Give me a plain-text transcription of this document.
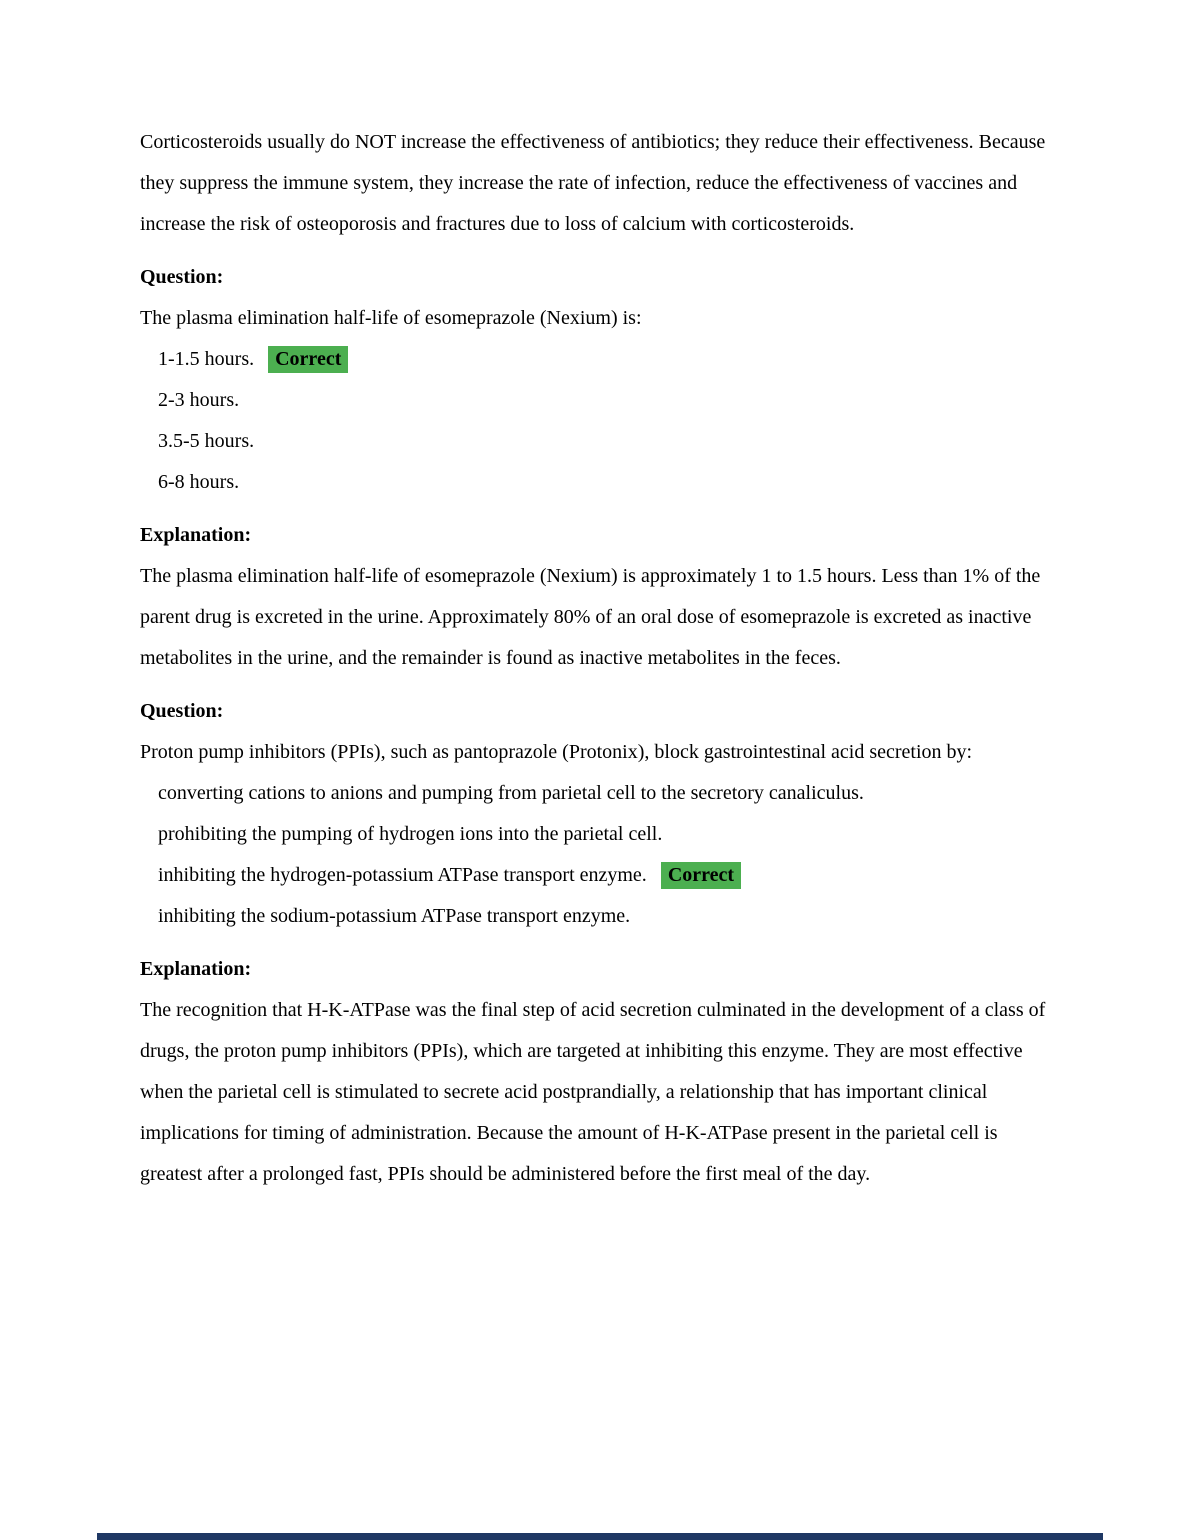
Corticosteroids usually do NOT increase the effectiveness of antibiotics; they reduce their effectiveness. Because they suppress the immune system, they increase the rate of infection, reduce the effectiveness of vaccines and increase the risk of osteoporosis and fractures due to loss of calcium with corticosteroids.

Question:

The plasma elimination half-life of esomeprazole (Nexium) is:

1-1.5 hours. Correct
2-3 hours.
3.5-5 hours.
6-8 hours.
Explanation:

The plasma elimination half-life of esomeprazole (Nexium) is approximately 1 to 1.5 hours. Less than 1% of the parent drug is excreted in the urine. Approximately 80% of an oral dose of esomeprazole is excreted as inactive metabolites in the urine, and the remainder is found as inactive metabolites in the feces.

Question:

Proton pump inhibitors (PPIs), such as pantoprazole (Protonix), block gastrointestinal acid secretion by:

converting cations to anions and pumping from parietal cell to the secretory canaliculus.
prohibiting the pumping of hydrogen ions into the parietal cell.
inhibiting the hydrogen-potassium ATPase transport enzyme. Correct
inhibiting the sodium-potassium ATPase transport enzyme.
Explanation:

The recognition that H-K-ATPase was the final step of acid secretion culminated in the development of a class of drugs, the proton pump inhibitors (PPIs), which are targeted at inhibiting this enzyme. They are most effective when the parietal cell is stimulated to secrete acid postprandially, a relationship that has important clinical implications for timing of administration. Because the amount of H-K-ATPase present in the parietal cell is greatest after a prolonged fast, PPIs should be administered before the first meal of the day.
